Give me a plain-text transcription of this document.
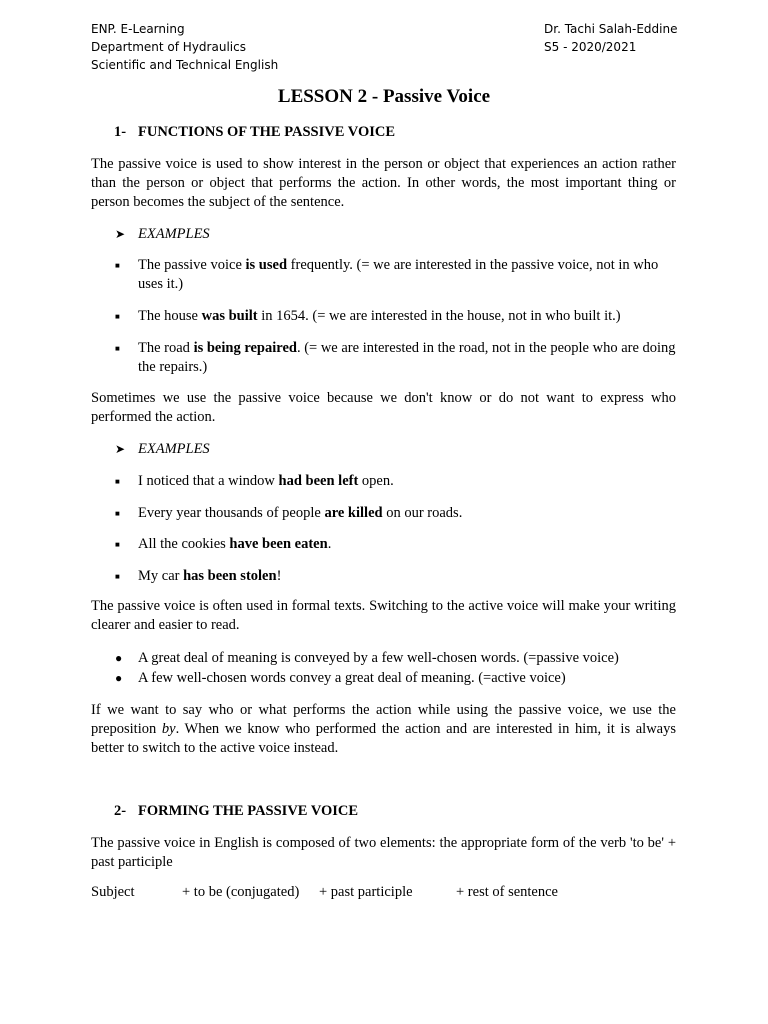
ENP. E-Learning
Department of Hydraulics
Scientific and Technical English
Dr. Tachi Salah-Eddine
S5 - 2020/2021
LESSON 2 - Passive Voice
1- FUNCTIONS OF THE PASSIVE VOICE
The passive voice is used to show interest in the person or object that experiences an action rather than the person or object that performs the action. In other words, the most important thing or person becomes the subject of the sentence.
➤ EXAMPLES
■ The passive voice is used frequently. (= we are interested in the passive voice, not in who uses it.)
■ The house was built in 1654. (= we are interested in the house, not in who built it.)
■ The road is being repaired. (= we are interested in the road, not in the people who are doing the repairs.)
Sometimes we use the passive voice because we don't know or do not want to express who performed the action.
➤ EXAMPLES
■ I noticed that a window had been left open.
■ Every year thousands of people are killed on our roads.
■ All the cookies have been eaten.
■ My car has been stolen!
The passive voice is often used in formal texts. Switching to the active voice will make your writing clearer and easier to read.
● A great deal of meaning is conveyed by a few well-chosen words. (=passive voice)
● A few well-chosen words convey a great deal of meaning. (=active voice)
If we want to say who or what performs the action while using the passive voice, we use the preposition by. When we know who performed the action and are interested in him, it is always better to switch to the active voice instead.
2- FORMING THE PASSIVE VOICE
The passive voice in English is composed of two elements: the appropriate form of the verb 'to be' + past participle
Subject	+ to be (conjugated) + past participle	+ rest of sentence
